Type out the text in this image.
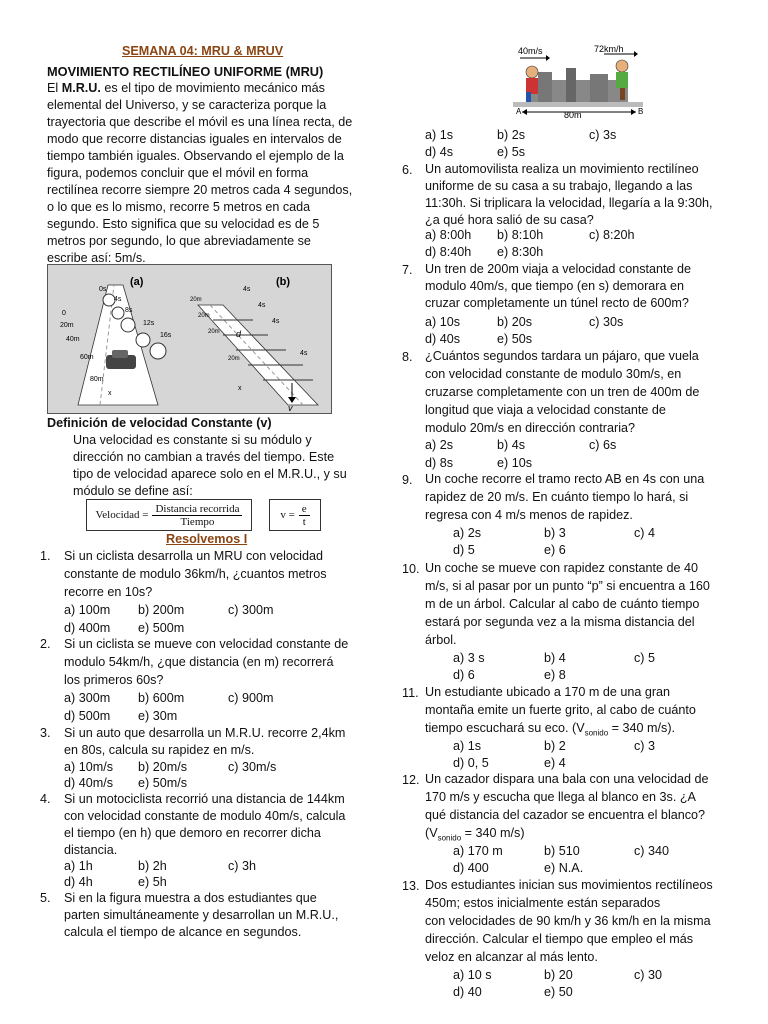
SEMANA 04: MRU & MRUV
MOVIMIENTO RECTILÍNEO UNIFORME (MRU)
El M.R.U. es el tipo de movimiento mecánico más
elemental del Universo, y se caracteriza porque la
trayectoria que describe el móvil es una línea recta, de
modo que recorre distancias iguales en intervalos de
tiempo también iguales. Observando el ejemplo de la
figura, podemos concluir que el móvil en forma
rectilínea recorre siempre 20 metros cada 4 segundos,
o lo que es lo mismo, recorre 5 metros en cada
segundo. Esto significa que su velocidad es de 5
metros por segundo, lo que abreviadamente se
escribe así: 5m/s.
(a)	(b)
0s
4s
8s
12s
16s
0
20m
40m
60m
80m
x
4s
4s
4s
4s
20m
20m
20m
20m
x
d
v
Definición de velocidad Constante (v)
Una velocidad es constante si su módulo y
dirección no cambian a través del tiempo. Este
tipo de velocidad aparece solo en el M.R.U., y su
módulo se define así:
Velocidad = $\frac{\text{Distancia recorrida}}{\text{Tiempo}}$	$v = \frac{e}{t}$
Resolvemos I
1. Si un ciclista desarrolla un MRU con velocidad
constante de modulo 36km/h, ¿cuantos metros
recorre en 10s?
a) 100m b) 200m	c) 300m
d) 400m e) 500m
2. Si un ciclista se mueve con velocidad constante de
modulo 54km/h, ¿que distancia (en m) recorrerá
los primeros 60s?
a) 300m b) 600m	c) 900m
d) 500m e) 30m
3. Si un auto que desarrolla un M.R.U. recorre 2,4km
en 80s, calcula su rapidez en m/s.
a) 10m/s b) 20m/s	c) 30m/s
d) 40m/s e) 50m/s
4. Si un motociclista recorrió una distancia de 144km
con velocidad constante de modulo 40m/s, calcula
el tiempo (en h) que demoro en recorrer dicha
distancia.
a) 1h	b) 2h	c) 3h
d) 4h	e) 5h
5. Si en la figura muestra a dos estudiantes que
parten simultáneamente y desarrollan un M.R.U.,
calcula el tiempo de alcance en segundos.
40m/s	72km/h
80m
A	B
a) 1s	b) 2s	c) 3s
d) 4s	e) 5s
6. Un automovilista realiza un movimiento rectilíneo
uniforme de su casa a su trabajo, llegando a las
11:30h. Si triplicara la velocidad, llegaría a la 9:30h,
¿a qué hora salió de su casa?
a) 8:00h b) 8:10h	c) 8:20h
d) 8:40h e) 8:30h
7. Un tren de 200m viaja a velocidad constante de
modulo 40m/s, que tiempo (en s) demorara en
cruzar completamente un túnel recto de 600m?
a) 10s	b) 20s	c) 30s
d) 40s	e) 50s
8. ¿Cuántos segundos tardara un pájaro, que vuela
con velocidad constante de modulo 30m/s, en
cruzarse completamente con un tren de 400m de
longitud que viaja a velocidad constante de
modulo 20m/s en dirección contraria?
a) 2s	b) 4s	c) 6s
d) 8s	e) 10s
9. Un coche recorre el tramo recto AB en 4s con una
rapidez de 20 m/s. En cuánto tiempo lo hará, si
regresa con 4 m/s menos de rapidez.
a) 2s	b) 3	c) 4
d) 5	e) 6
10. Un coche se mueve con rapidez constante de 40
m/s, si al pasar por un punto “p” si encuentra a 160
m de un árbol. Calcular al cabo de cuánto tiempo
estará por segunda vez a la misma distancia del
árbol.
a) 3 s	b) 4	c) 5
d) 6	e) 8
11. Un estudiante ubicado a 170 m de una gran
montaña emite un fuerte grito, al cabo de cuánto
tiempo escuchará su eco. ($V_{sonido} = 340$ m/s).
a) 1s	b) 2	c) 3
d) 0, 5	e) 4
12. Un cazador dispara una bala con una velocidad de
170 m/s y escucha que llega al blanco en 3s. ¿A
qué distancia del cazador se encuentra el blanco?
($V_{sonido} = 340$ m/s)
a) 170 m	b) 510	c) 340
d) 400	e) N.A.
13. Dos estudiantes inician sus movimientos rectilíneos
450m; estos inicialmente están separados
con velocidades de 90 km/h y 36 km/h en la misma
dirección. Calcular el tiempo que empleo el más
veloz en alcanzar al más lento.
a) 10 s	b) 20	c) 30
d) 40	e) 50
